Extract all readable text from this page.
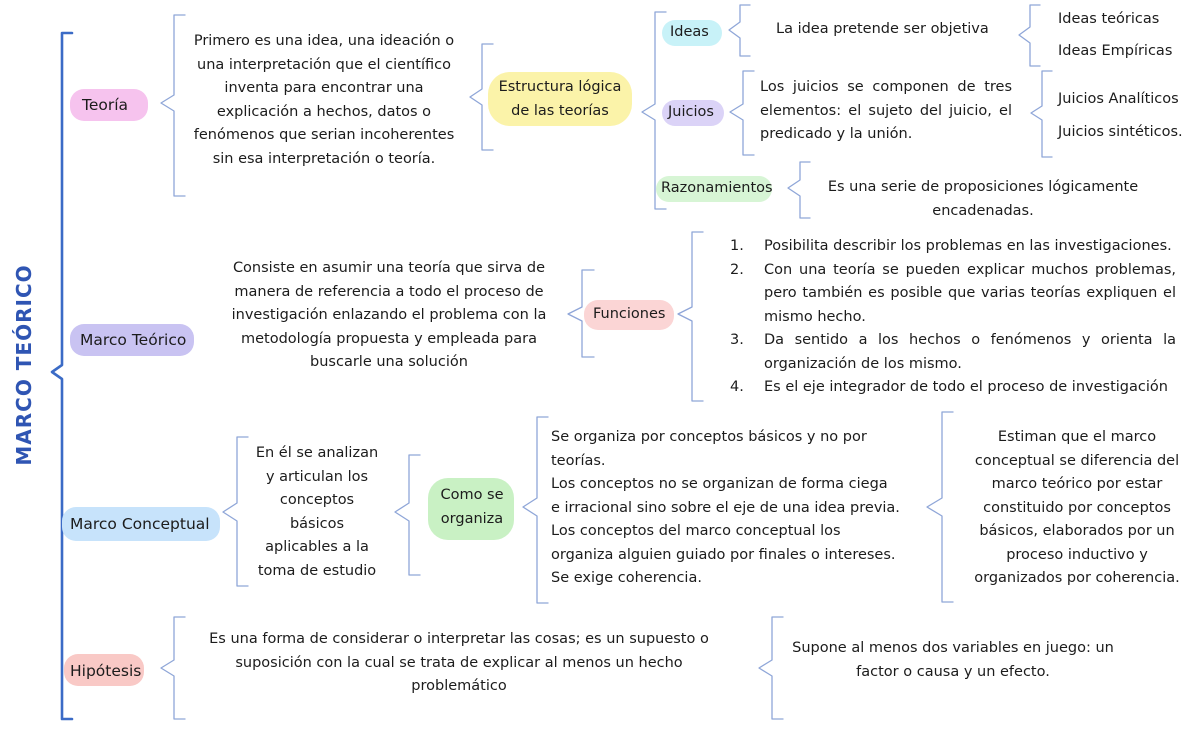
MARCO TEÓRICO
Teoría
Marco Teórico
Marco Conceptual
Hipótesis
Primero es una idea, una ideación o una interpretación que el científico inventa para encontrar una explicación a hechos, datos o fenómenos que serian incoherentes sin esa interpretación o teoría.
Estructura lógica de las teorías
Ideas	La idea pretende ser objetiva
Ideas teóricas
Ideas Empíricas
Juicios
Los juicios se componen de tres elementos: el sujeto del juicio, el predicado y la unión.
Juicios Analíticos
Juicios sintéticos.
Razonamientos	Es una serie de proposiciones lógicamente encadenadas.
Consiste en asumir una teoría que sirva de manera de referencia a todo el proceso de investigación enlazando el problema con la metodología propuesta y empleada para buscarle una solución
Funciones
1. Posibilita describir los problemas en las investigaciones.
2. Con una teoría se pueden explicar muchos problemas, pero también es posible que varias teorías expliquen el mismo hecho.
3. Da sentido a los hechos o fenómenos y orienta la organización de los mismo.
4. Es el eje integrador de todo el proceso de investigación
En él se analizan y articulan los conceptos básicos aplicables a la toma de estudio
Como se organiza
Se organiza por conceptos básicos y no por teorías.
Los conceptos no se organizan de forma ciega e irracional sino sobre el eje de una idea previa.
Los conceptos del marco conceptual los organiza alguien guiado por finales o intereses.
Se exige coherencia.
Estiman que el marco conceptual se diferencia del marco teórico por estar constituido por conceptos básicos, elaborados por un proceso inductivo y organizados por coherencia.
Es una forma de considerar o interpretar las cosas; es un supuesto o suposición con la cual se trata de explicar al menos un hecho problemático
Supone al menos dos variables en juego: un factor o causa y un efecto.
